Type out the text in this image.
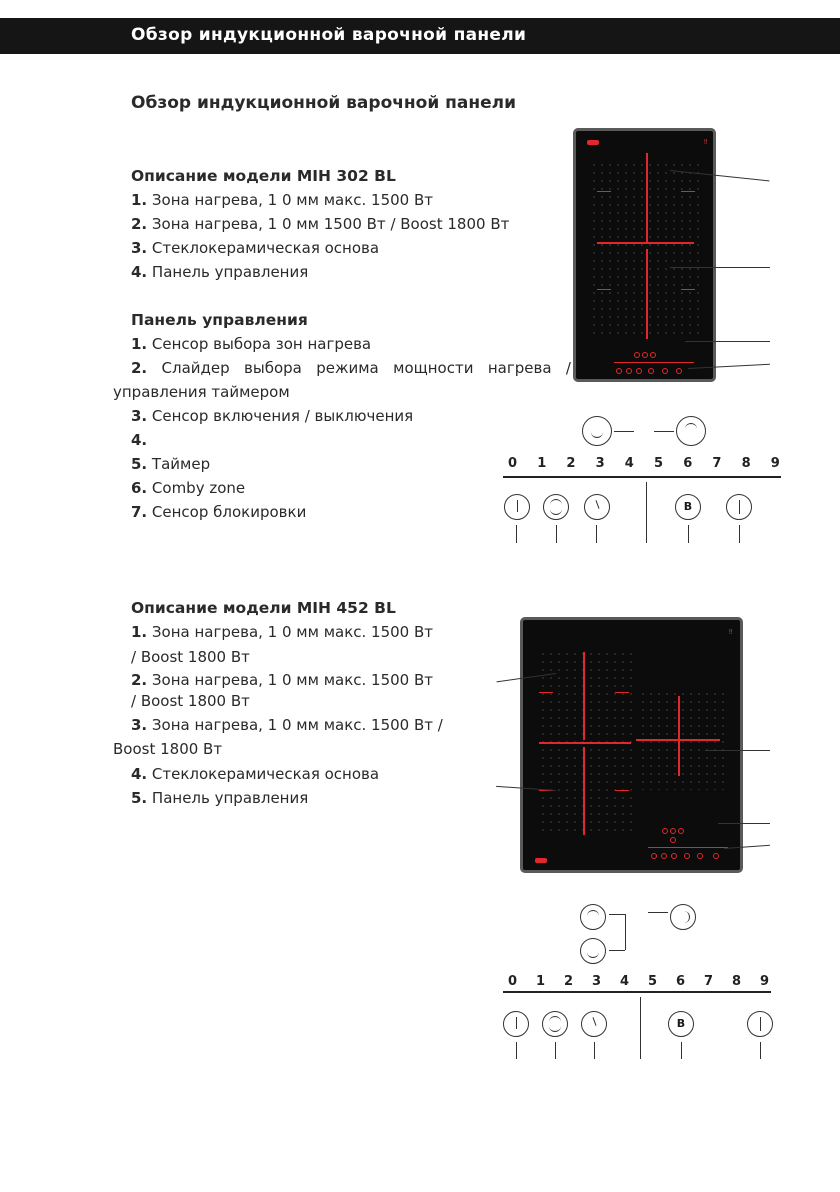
Обзор индукционной варочной панели
Обзор индукционной варочной панели
Описание модели MIH 302 BL
1. Зона нагрева, 1 0 мм макс. 1500 Вт
2. Зона нагрева, 1 0 мм 1500 Вт / Boost 1800 Вт
3. Стеклокерамическая основа
4. Панель управления
Панель управления
1. Сенсор выбора зон нагрева
2. Слайдер выбора режима мощности нагрева /
управления таймером
3. Сенсор включения / выключения
4.
5. Таймер
6. Comby zone
7. Сенсор блокировки
Описание модели MIH 452 BL
1. Зона нагрева, 1 0 мм макс. 1500 Вт
/ Boost 1800 Вт
2. Зона нагрева, 1 0 мм макс. 1500 Вт
/ Boost 1800 Вт
3. Зона нагрева, 1 0 мм макс. 1500 Вт /
Boost 1800 Вт
4. Стеклокерамическая основа
5. Панель управления
‼
0 1 2 3 4 5 6 7 8 9
B
‼
0 1 2 3 4 5 6 7 8 9
B
